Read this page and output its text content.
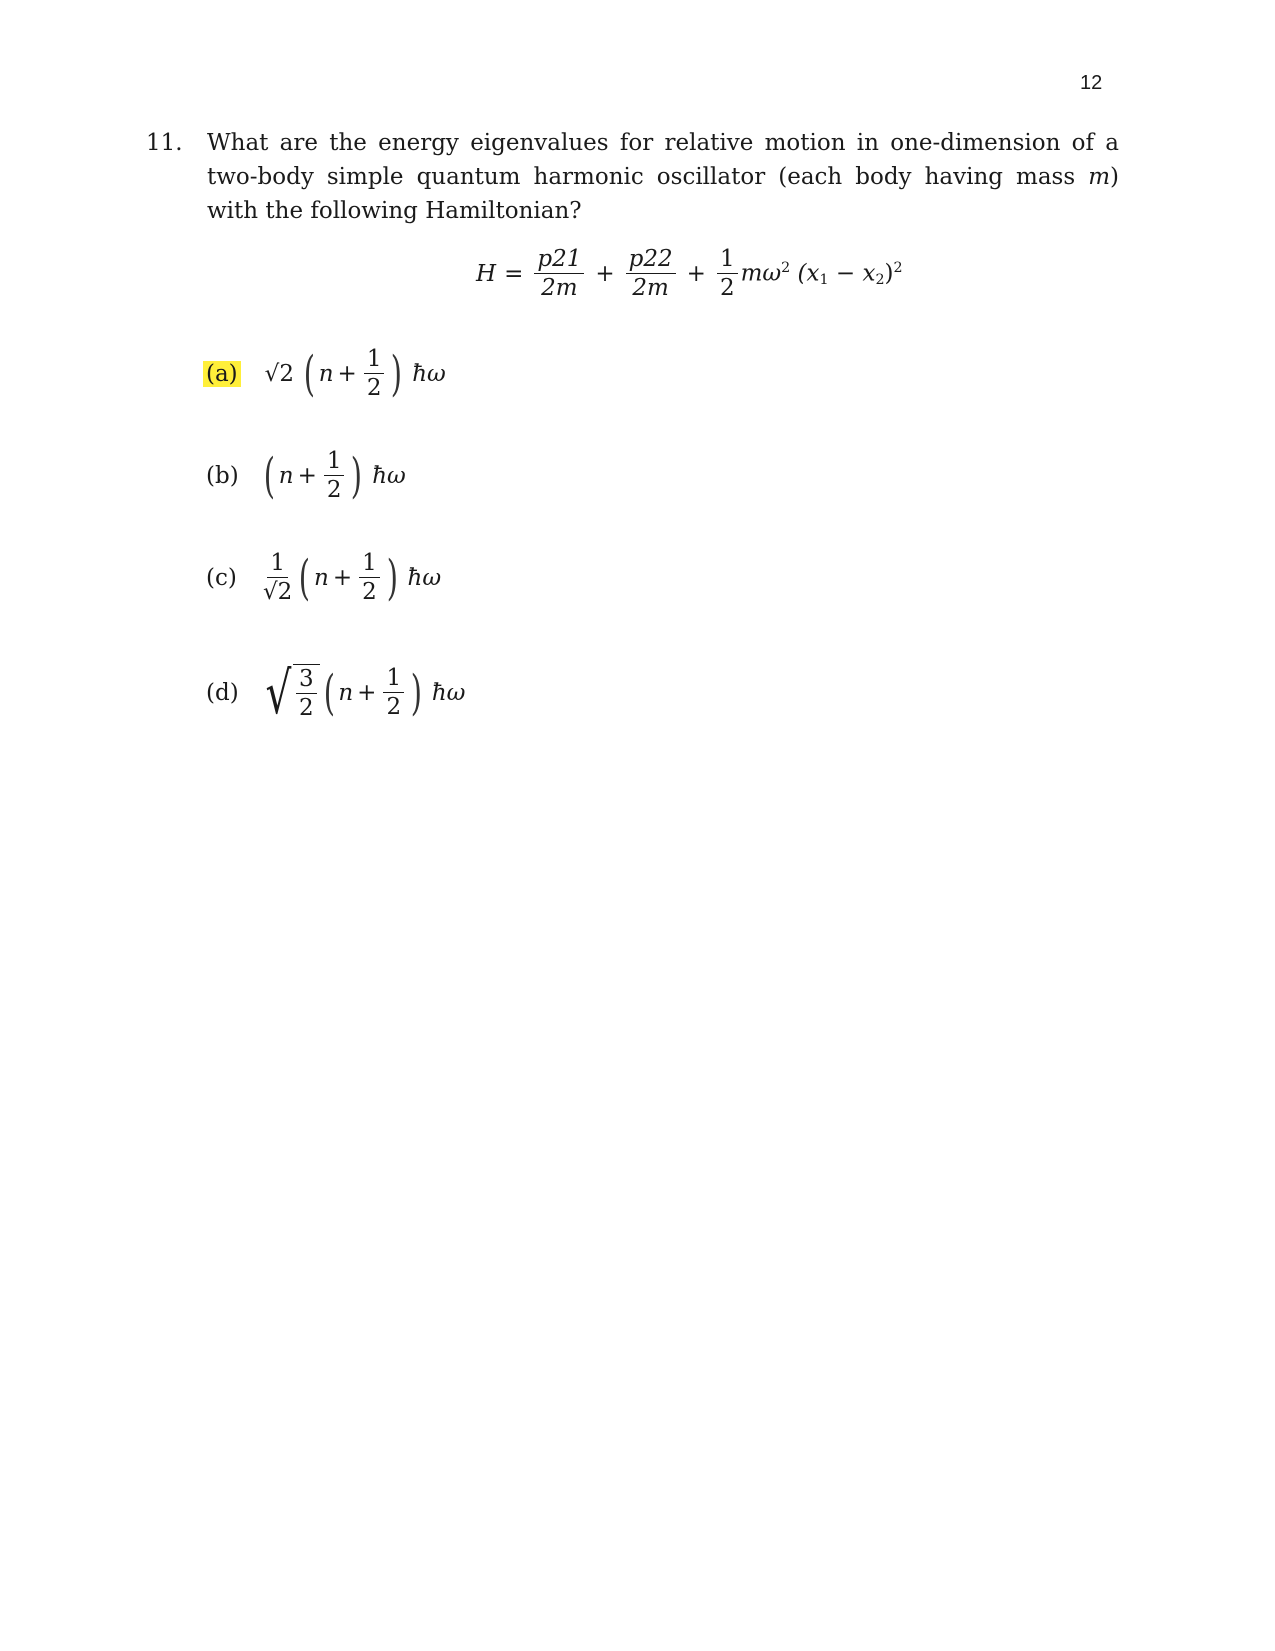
12
11. What are the energy eigenvalues for relative motion in one-dimension of a two-body simple quantum harmonic oscillator (each body having mass m) with the following Hamiltonian?
$H = \frac{p21}{2m} + \frac{p22}{2m} + \frac{1}{2} m\omega^2$ $(x_1 - x_2)^2$
(a) √2 ( $n + \frac{1}{2}$ ) ħω
(b) ( $n + \frac{1}{2}$ ) ħω
(c)	$\frac{1}{√2}$ ( $n + \frac{1}{2}$ ) ħω
(d) √ $\frac{3}{2}$ ( $n + \frac{1}{2}$ ) ħω
